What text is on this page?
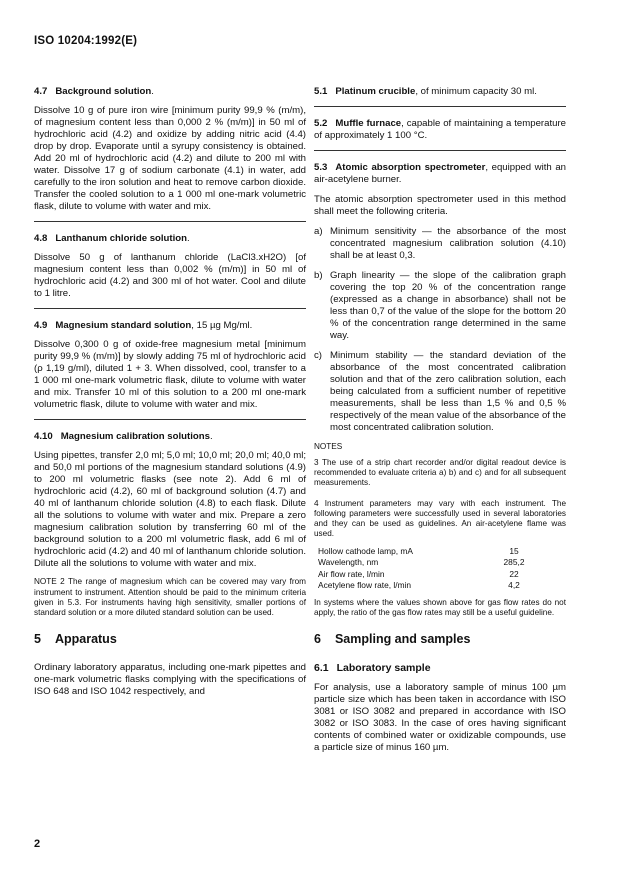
ISO 10204:1992(E)
4.7 Background solution.

Dissolve 10 g of pure iron wire [minimum purity 99,9 % (m/m), of magnesium content less than 0,000 2 % (m/m)] in 50 ml of hydrochloric acid (4.2) and oxidize by adding nitric acid (4.4) drop by drop. Evaporate until a syrupy consistency is obtained. Add 20 ml of hydrochloric acid (4.2) and dilute to 200 ml with water. Dissolve 17 g of sodium carbonate (4.1) in water, add carefully to the iron solution and heat to remove carbon dioxide. Transfer the cooled solution to a 1 000 ml one-mark volumetric flask, dilute to volume with water and mix.

4.8 Lanthanum chloride solution.

Dissolve 50 g of lanthanum chloride (LaCl3.xH2O) [of magnesium content less than 0,002 % (m/m)] in 50 ml of hydrochloric acid (4.2) and 300 ml of hot water. Cool and dilute to 1 litre.

4.9 Magnesium standard solution, 15 µg Mg/ml.

Dissolve 0,300 0 g of oxide-free magnesium metal [minimum purity 99,9 % (m/m)] by slowly adding 75 ml of hydrochloric acid (ρ 1,19 g/ml), diluted 1 + 3. When dissolved, cool, transfer to a 1 000 ml one-mark volumetric flask, dilute to volume with water and mix. Transfer 10 ml of this solution to a 200 ml one-mark volumetric flask, dilute to volume with water and mix.

4.10 Magnesium calibration solutions.

Using pipettes, transfer 2,0 ml; 5,0 ml; 10,0 ml; 20,0 ml; 40,0 ml; and 50,0 ml portions of the magnesium standard solutions (4.9) to 200 ml volumetric flasks (see note 2). Add 6 ml of hydrochloric acid (4.2), 60 ml of background solution (4.7) and 40 ml of lanthanum chloride solution (4.8) to each flask. Dilute all the solutions to volume with water and mix. Prepare a zero magnesium calibration solution by transferring 60 ml of the background solution to a 200 ml volumetric flask, add 6 ml of hydrochloric acid (4.2) and 40 ml of lanthanum chloride solution. Dilute all the solutions to volume with water and mix.

NOTE 2 The range of magnesium which can be covered may vary from instrument to instrument. Attention should be paid to the minimum criteria given in 5.3. For instruments having high sensitivity, smaller portions of standard solution or a more diluted standard solution can be used.

5 Apparatus

Ordinary laboratory apparatus, including one-mark pipettes and one-mark volumetric flasks complying with the specifications of ISO 648 and ISO 1042 respectively, and

5.1 Platinum crucible, of minimum capacity 30 ml.

5.2 Muffle furnace, capable of maintaining a temperature of approximately 1 100 °C.

5.3 Atomic absorption spectrometer, equipped with an air-acetylene burner.

The atomic absorption spectrometer used in this method shall meet the following criteria.

a) Minimum sensitivity — the absorbance of the most concentrated magnesium calibration solution (4.10) shall be at least 0,3.
b) Graph linearity — the slope of the calibration graph covering the top 20 % of the concentration range (expressed as a change in absorbance) shall not be less than 0,7 of the value of the slope for the bottom 20 % of the concentration range determined in the same way.
c) Minimum stability — the standard deviation of the absorbance of the most concentrated calibration solution and that of the zero calibration solution, each being calculated from a sufficient number of repetitive measurements, shall be less than 1,5 % and 0,5 % respectively of the mean value of the absorbance of the most concentrated calibration solution.
NOTES

3 The use of a strip chart recorder and/or digital readout device is recommended to evaluate criteria a) b) and c) and for all subsequent measurements.

4 Instrument parameters may vary with each instrument. The following parameters were successfully used in several laboratories and they can be used as guidelines. An air-acetylene flame was used.

Hollow cathode lamp, mA	15
Wavelength, nm	285,2
Air flow rate, l/min	22
Acetylene flow rate, l/min	4,2

In systems where the values shown above for gas flow rates do not apply, the ratio of the gas flow rates may still be a useful guideline.

6 Sampling and samples
6.1 Laboratory sample

For analysis, use a laboratory sample of minus 100 µm particle size which has been taken in accordance with ISO 3081 or ISO 3082 and prepared in accordance with ISO 3082 or ISO 3083. In the case of ores having significant contents of combined water or oxidizable compounds, use a particle size of minus 160 µm.

2
